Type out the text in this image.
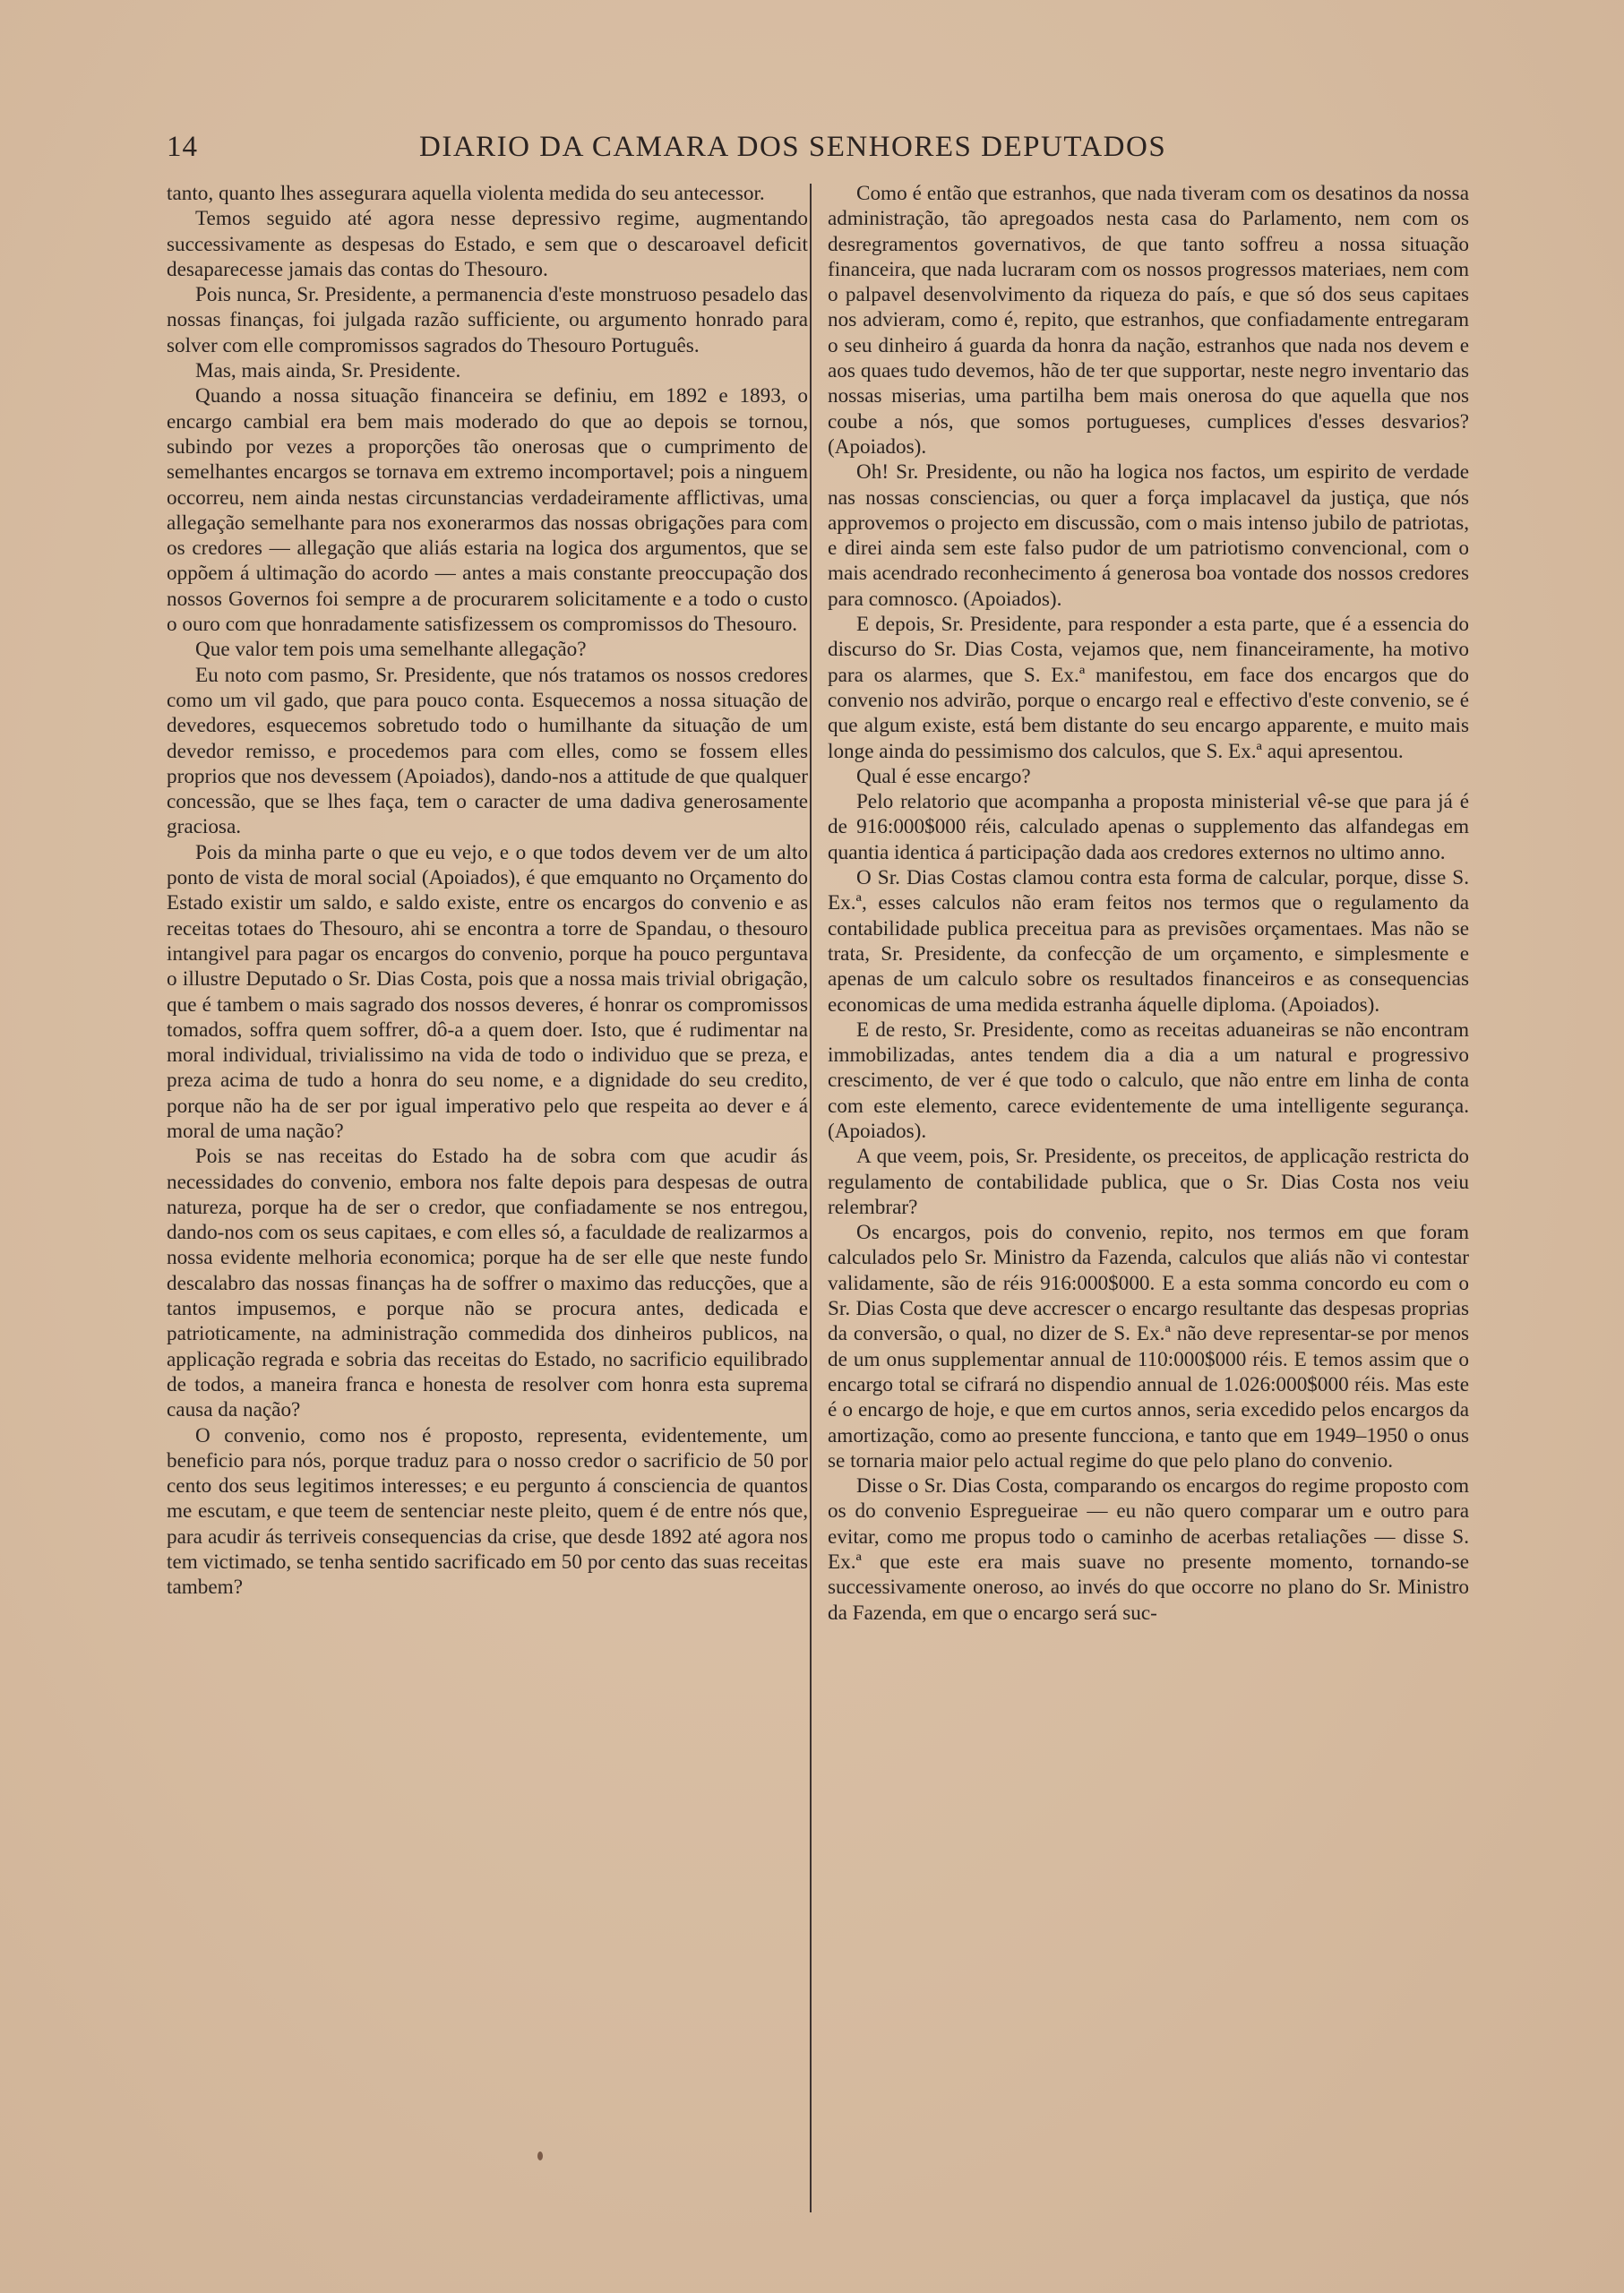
14	DIARIO DA CAMARA DOS SENHORES DEPUTADOS

tanto, quanto lhes assegurara aquella violenta medida do seu antecessor.

Temos seguido até agora nesse depressivo regime, augmentando successivamente as despesas do Estado, e sem que o descaroavel deficit desaparecesse jamais das contas do Thesouro.

Pois nunca, Sr. Presidente, a permanencia d'este monstruoso pesadelo das nossas finanças, foi julgada razão sufficiente, ou argumento honrado para solver com elle compromissos sagrados do Thesouro Português.

Mas, mais ainda, Sr. Presidente.

Quando a nossa situação financeira se definiu, em 1892 e 1893, o encargo cambial era bem mais moderado do que ao depois se tornou, subindo por vezes a proporções tão onerosas que o cumprimento de semelhantes encargos se tornava em extremo incomportavel; pois a ninguem occorreu, nem ainda nestas circunstancias verdadeiramente afflictivas, uma allegação semelhante para nos exonerarmos das nossas obrigações para com os credores — allegação que aliás estaria na logica dos argumentos, que se oppõem á ultimação do acordo — antes a mais constante preoccupação dos nossos Governos foi sempre a de procurarem solicitamente e a todo o custo o ouro com que honradamente satisfizessem os compromissos do Thesouro.

Que valor tem pois uma semelhante allegação?

Eu noto com pasmo, Sr. Presidente, que nós tratamos os nossos credores como um vil gado, que para pouco conta. Esquecemos a nossa situação de devedores, esquecemos sobretudo todo o humilhante da situação de um devedor remisso, e procedemos para com elles, como se fossem elles proprios que nos devessem (Apoiados), dando-nos a attitude de que qualquer concessão, que se lhes faça, tem o caracter de uma dadiva generosamente graciosa.

Pois da minha parte o que eu vejo, e o que todos devem ver de um alto ponto de vista de moral social (Apoiados), é que emquanto no Orçamento do Estado existir um saldo, e saldo existe, entre os encargos do convenio e as receitas totaes do Thesouro, ahi se encontra a torre de Spandau, o thesouro intangivel para pagar os encargos do convenio, porque ha pouco perguntava o illustre Deputado o Sr. Dias Costa, pois que a nossa mais trivial obrigação, que é tambem o mais sagrado dos nossos deveres, é honrar os compromissos tomados, soffra quem soffrer, dô-a a quem doer. Isto, que é rudimentar na moral individual, trivialissimo na vida de todo o individuo que se preza, e preza acima de tudo a honra do seu nome, e a dignidade do seu credito, porque não ha de ser por igual imperativo pelo que respeita ao dever e á moral de uma nação?

Pois se nas receitas do Estado ha de sobra com que acudir ás necessidades do convenio, embora nos falte depois para despesas de outra natureza, porque ha de ser o credor, que confiadamente se nos entregou, dando-nos com os seus capitaes, e com elles só, a faculdade de realizarmos a nossa evidente melhoria economica; porque ha de ser elle que neste fundo descalabro das nossas finanças ha de soffrer o maximo das reducções, que a tantos impusemos, e porque não se procura antes, dedicada e patrioticamente, na administração commedida dos dinheiros publicos, na applicação regrada e sobria das receitas do Estado, no sacrificio equilibrado de todos, a maneira franca e honesta de resolver com honra esta suprema causa da nação?

O convenio, como nos é proposto, representa, evidentemente, um beneficio para nós, porque traduz para o nosso credor o sacrificio de 50 por cento dos seus legitimos interesses; e eu pergunto á consciencia de quantos me escutam, e que teem de sentenciar neste pleito, quem é de entre nós que, para acudir ás terriveis consequencias da crise, que desde 1892 até agora nos tem victimado, se tenha sentido sacrificado em 50 por cento das suas receitas tambem?

Como é então que estranhos, que nada tiveram com os desatinos da nossa administração, tão apregoados nesta casa do Parlamento, nem com os desregramentos governativos, de que tanto soffreu a nossa situação financeira, que nada lucraram com os nossos progressos materiaes, nem com o palpavel desenvolvimento da riqueza do país, e que só dos seus capitaes nos advieram, como é, repito, que estranhos, que confiadamente entregaram o seu dinheiro á guarda da honra da nação, estranhos que nada nos devem e aos quaes tudo devemos, hão de ter que supportar, neste negro inventario das nossas miserias, uma partilha bem mais onerosa do que aquella que nos coube a nós, que somos portugueses, cumplices d'esses desvarios? (Apoiados).

Oh! Sr. Presidente, ou não ha logica nos factos, um espirito de verdade nas nossas consciencias, ou quer a força implacavel da justiça, que nós approvemos o projecto em discussão, com o mais intenso jubilo de patriotas, e direi ainda sem este falso pudor de um patriotismo convencional, com o mais acendrado reconhecimento á generosa boa vontade dos nossos credores para comnosco. (Apoiados).

E depois, Sr. Presidente, para responder a esta parte, que é a essencia do discurso do Sr. Dias Costa, vejamos que, nem financeiramente, ha motivo para os alarmes, que S. Ex.ª manifestou, em face dos encargos que do convenio nos advirão, porque o encargo real e effectivo d'este convenio, se é que algum existe, está bem distante do seu encargo apparente, e muito mais longe ainda do pessimismo dos calculos, que S. Ex.ª aqui apresentou.

Qual é esse encargo?

Pelo relatorio que acompanha a proposta ministerial vê-se que para já é de 916:000$000 réis, calculado apenas o supplemento das alfandegas em quantia identica á participação dada aos credores externos no ultimo anno.

O Sr. Dias Costas clamou contra esta forma de calcular, porque, disse S. Ex.ª, esses calculos não eram feitos nos termos que o regulamento da contabilidade publica preceitua para as previsões orçamentaes. Mas não se trata, Sr. Presidente, da confecção de um orçamento, e simplesmente e apenas de um calculo sobre os resultados financeiros e as consequencias economicas de uma medida estranha áquelle diploma. (Apoiados).

E de resto, Sr. Presidente, como as receitas aduaneiras se não encontram immobilizadas, antes tendem dia a dia a um natural e progressivo crescimento, de ver é que todo o calculo, que não entre em linha de conta com este elemento, carece evidentemente de uma intelligente segurança. (Apoiados).

A que veem, pois, Sr. Presidente, os preceitos, de applicação restricta do regulamento de contabilidade publica, que o Sr. Dias Costa nos veiu relembrar?

Os encargos, pois do convenio, repito, nos termos em que foram calculados pelo Sr. Ministro da Fazenda, calculos que aliás não vi contestar validamente, são de réis 916:000$000. E a esta somma concordo eu com o Sr. Dias Costa que deve accrescer o encargo resultante das despesas proprias da conversão, o qual, no dizer de S. Ex.ª não deve representar-se por menos de um onus supplementar annual de 110:000$000 réis. E temos assim que o encargo total se cifrará no dispendio annual de 1.026:000$000 réis. Mas este é o encargo de hoje, e que em curtos annos, seria excedido pelos encargos da amortização, como ao presente funcciona, e tanto que em 1949–1950 o onus se tornaria maior pelo actual regime do que pelo plano do convenio.

Disse o Sr. Dias Costa, comparando os encargos do regime proposto com os do convenio Espregueirae — eu não quero comparar um e outro para evitar, como me propus todo o caminho de acerbas retaliações — disse S. Ex.ª que este era mais suave no presente momento, tornando-se successivamente oneroso, ao invés do que occorre no plano do Sr. Ministro da Fazenda, em que o encargo será suc-
